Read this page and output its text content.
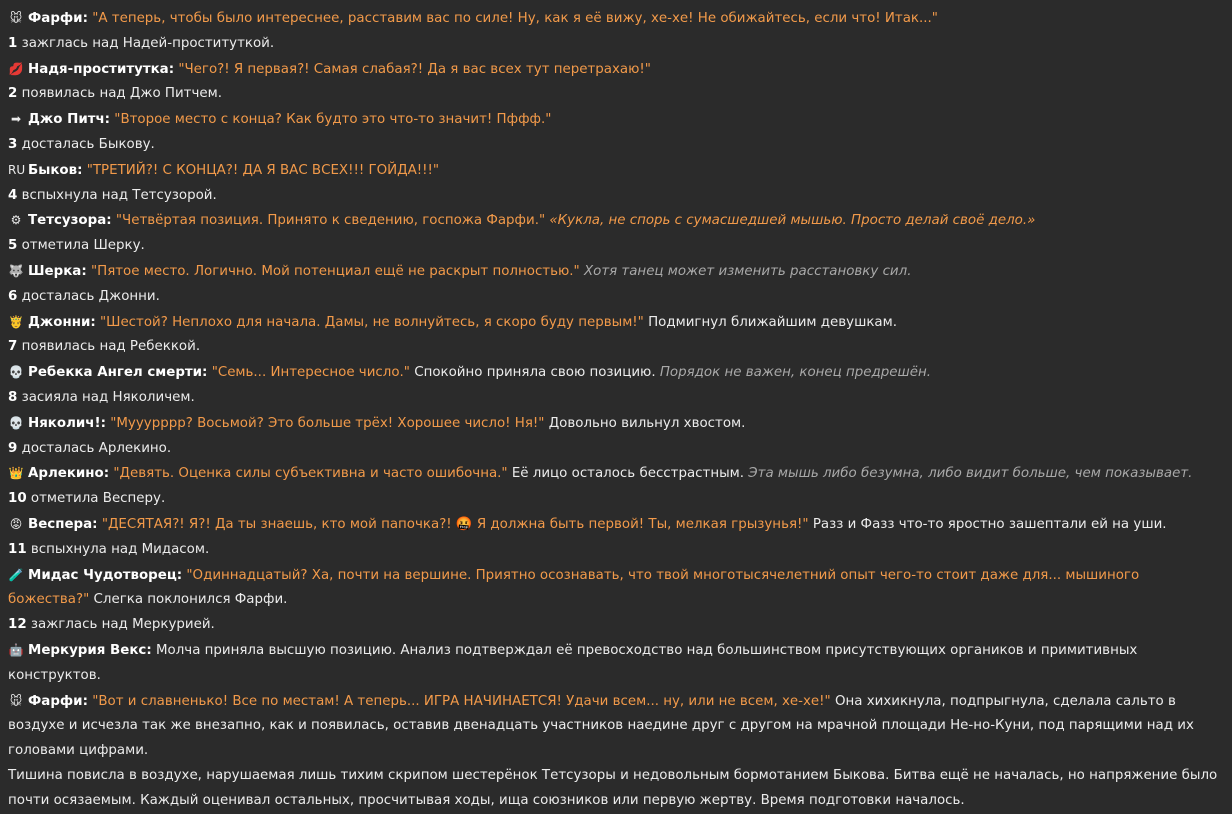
🐭 Фарфи: "А теперь, чтобы было интереснее, расставим вас по силе! Ну, как я её вижу, хе-хе! Не обижайтесь, если что! Итак..."
1 зажглась над Надей-проституткой.
💋 Надя-проститутка: "Чего?! Я первая?! Самая слабая?! Да я вас всех тут перетрахаю!"
2 появилась над Джо Питчем.
➡ Джо Питч: "Второе место с конца? Как будто это что-то значит! Пффф."
3 досталась Быкову.
RU Быков: "ТРЕТИЙ?! С КОНЦА?! ДА Я ВАС ВСЕХ!!! ГОЙДА!!!"
4 вспыхнула над Тетсузорой.
⚙ Тетсузора: "Четвёртая позиция. Принято к сведению, госпожа Фарфи." «Кукла, не спорь с сумасшедшей мышью. Просто делай своё дело.»
5 отметила Шерку.
🐺 Шерка: "Пятое место. Логично. Мой потенциал ещё не раскрыт полностью." Хотя танец может изменить расстановку сил.
6 досталась Джонни.
🤴 Джонни: "Шестой? Неплохо для начала. Дамы, не волнуйтесь, я скоро буду первым!" Подмигнул ближайшим девушкам.
7 появилась над Ребеккой.
💀 Ребекка Ангел смерти: "Семь... Интересное число." Спокойно приняла свою позицию. Порядок не важен, конец предрешён.
8 засияла над Няколичем.
💀 Няколич!: "Мууурррр? Восьмой? Это больше трёх! Хорошее число! Ня!" Довольно вильнул хвостом.
9 досталась Арлекино.
👑 Арлекино: "Девять. Оценка силы субъективна и часто ошибочна." Её лицо осталось бесстрастным. Эта мышь либо безумна, либо видит больше, чем показывает.
10 отметила Весперу.
😡 Веспера: "ДЕСЯТАЯ?! Я?! Да ты знаешь, кто мой папочка?! 🤬 Я должна быть первой! Ты, мелкая грызунья!" Разз и Фазз что-то яростно зашептали ей на уши.
11 вспыхнула над Мидасом.
🧪 Мидас Чудотворец: "Одиннадцатый? Ха, почти на вершине. Приятно осознавать, что твой многотысячелетний опыт чего-то стоит даже для... мышиного божества?" Слегка поклонился Фарфи.
12 зажглась над Меркурией.
🤖 Меркурия Векс: Молча приняла высшую позицию. Анализ подтверждал её превосходство над большинством присутствующих органиков и примитивных конструктов.
🐭 Фарфи: "Вот и славненько! Все по местам! А теперь... ИГРА НАЧИНАЕТСЯ! Удачи всем... ну, или не всем, хе-хе!" Она хихикнула, подпрыгнула, сделала сальто в воздухе и исчезла так же внезапно, как и появилась, оставив двенадцать участников наедине друг с другом на мрачной площади Не-но-Куни, под парящими над их головами цифрами.
Тишина повисла в воздухе, нарушаемая лишь тихим скрипом шестерёнок Тетсузоры и недовольным бормотанием Быкова. Битва ещё не началась, но напряжение было почти осязаемым. Каждый оценивал остальных, просчитывая ходы, ища союзников или первую жертву. Время подготовки началось.
